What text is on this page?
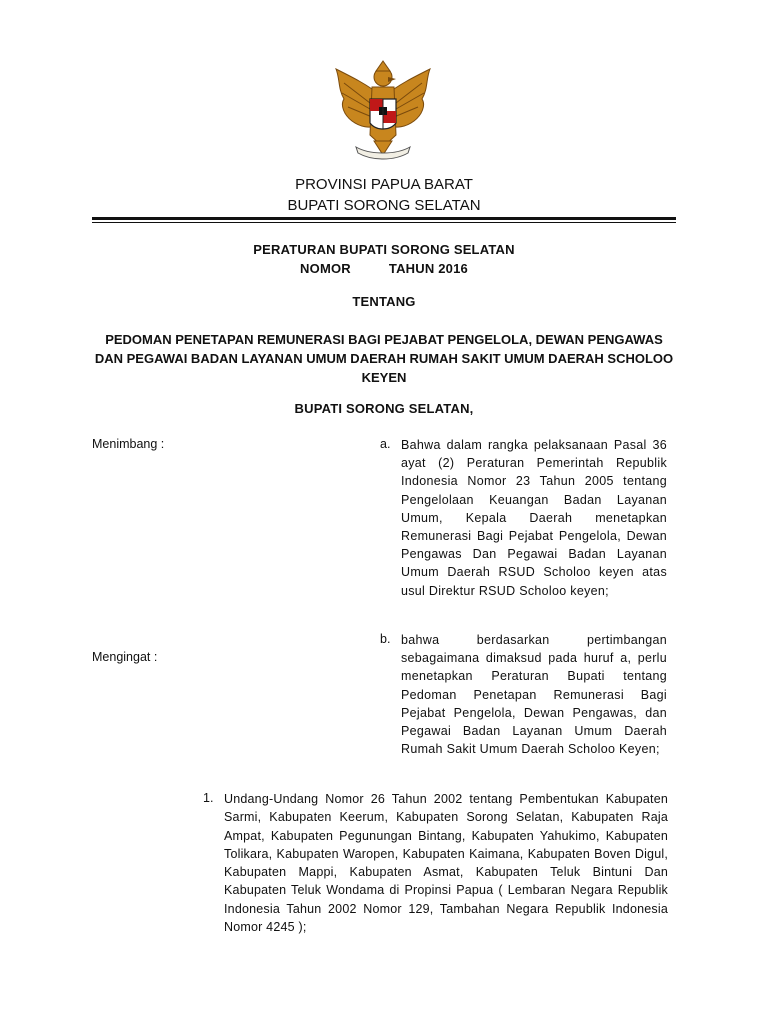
PROVINSI PAPUA BARAT
BUPATI SORONG SELATAN
PERATURAN BUPATI SORONG SELATAN
NOMOR	TAHUN 2016
TENTANG
PEDOMAN PENETAPAN REMUNERASI BAGI PEJABAT PENGELOLA, DEWAN PENGAWAS DAN PEGAWAI BADAN LAYANAN UMUM DAERAH RUMAH SAKIT UMUM DAERAH SCHOLOO KEYEN
BUPATI SORONG SELATAN,
Menimbang :	a. Bahwa dalam rangka pelaksanaan Pasal 36 ayat (2) Peraturan Pemerintah Republik Indonesia Nomor 23 Tahun 2005 tentang Pengelolaan Keuangan Badan Layanan Umum, Kepala Daerah menetapkan Remunerasi Bagi Pejabat Pengelola, Dewan Pengawas Dan Pegawai Badan Layanan Umum Daerah RSUD Scholoo keyen atas usul Direktur RSUD Scholoo keyen;
b. bahwa berdasarkan pertimbangan sebagaimana dimaksud pada huruf a, perlu menetapkan Peraturan Bupati tentang Pedoman Penetapan Remunerasi Bagi Pejabat Pengelola, Dewan Pengawas, dan Pegawai Badan Layanan Umum Daerah Rumah Sakit Umum Daerah Scholoo Keyen;
Mengingat :
1. Undang-Undang Nomor 26 Tahun 2002 tentang Pembentukan Kabupaten Sarmi, Kabupaten Keerum, Kabupaten Sorong Selatan, Kabupaten Raja Ampat, Kabupaten Pegunungan Bintang, Kabupaten Yahukimo, Kabupaten Tolikara, Kabupaten Waropen, Kabupaten Kaimana, Kabupaten Boven Digul, Kabupaten Mappi, Kabupaten Asmat, Kabupaten Teluk Bintuni Dan Kabupaten Teluk Wondama di Propinsi Papua ( Lembaran Negara Republik Indonesia Tahun 2002 Nomor 129, Tambahan Negara Republik Indonesia Nomor 4245 );
